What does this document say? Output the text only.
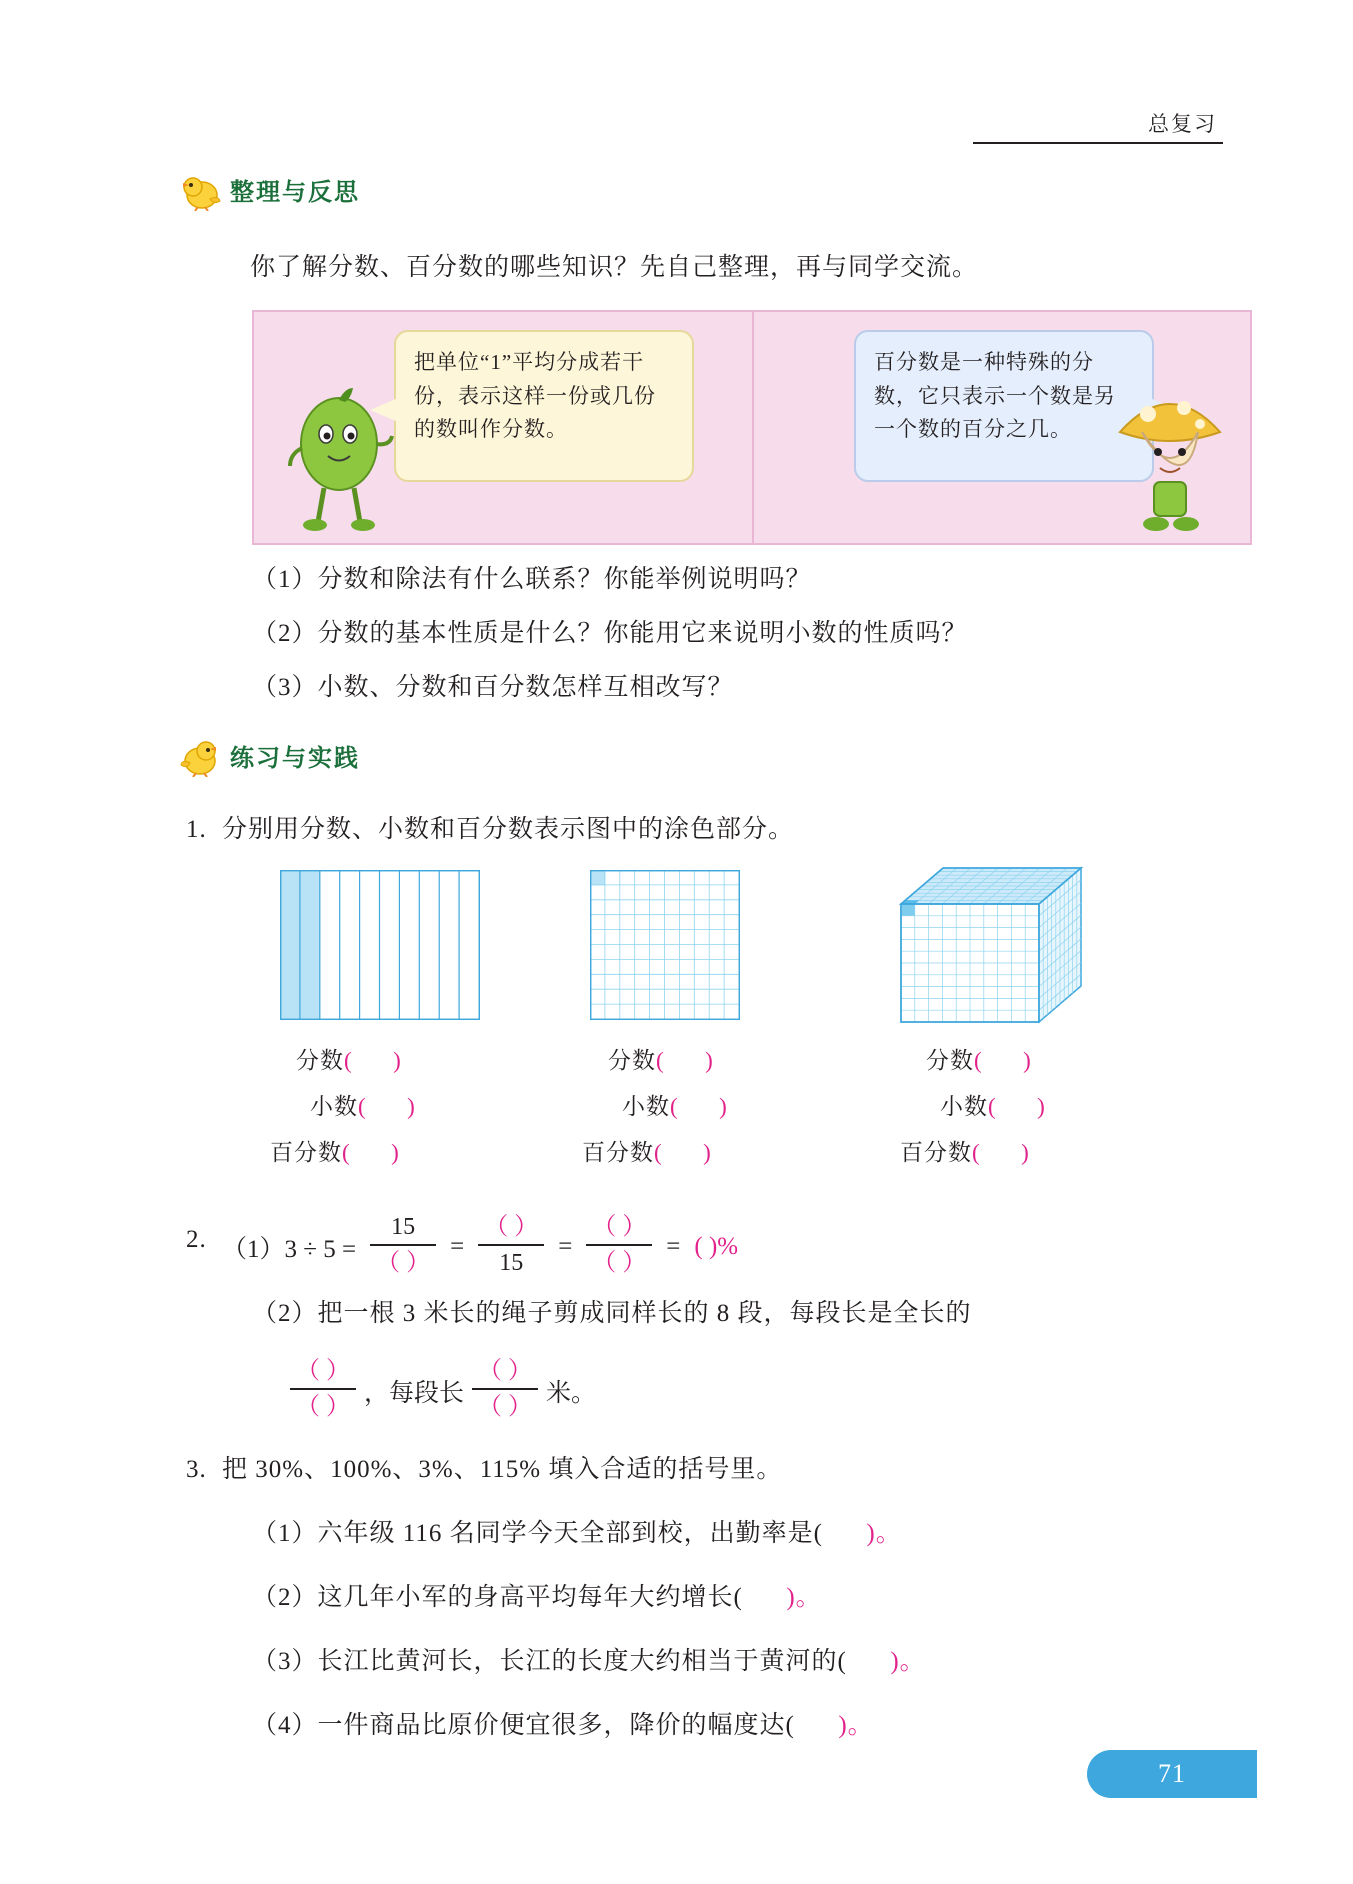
总复习
整理与反思
你了解分数、百分数的哪些知识？先自己整理，再与同学交流。
把单位“1”平均分成若干份，表示这样一份或几份的数叫作分数。
百分数是一种特殊的分数，它只表示一个数是另一个数的百分之几。
（1）分数和除法有什么联系？你能举例说明吗？
（2）分数的基本性质是什么？你能用它来说明小数的性质吗？
（3）小数、分数和百分数怎样互相改写？
练习与实践
1. 分别用分数、小数和百分数表示图中的涂色部分。
分数(      )
小数(      )
百分数(      )
分数(      )
小数(      )
百分数(      )
分数(      )
小数(      )
百分数(      )
2. $(1)3 \div 5 = \frac{15}{( )} = \frac{( )}{15} = \frac{( )}{( )}$ = ( )%
（2）把一根 3 米长的绳子剪成同样长的 8 段，每段长是全长的
$\frac{( )}{( )}$ ，每段长 $\frac{( )}{( )}$ 米。
3. 把 30%、100%、3%、115% 填入合适的括号里。
（1）六年级 116 名同学今天全部到校，出勤率是(      )。
（2）这几年小军的身高平均每年大约增长(      )。
（3）长江比黄河长，长江的长度大约相当于黄河的(      )。
（4）一件商品比原价便宜很多，降价的幅度达(      )。
71
